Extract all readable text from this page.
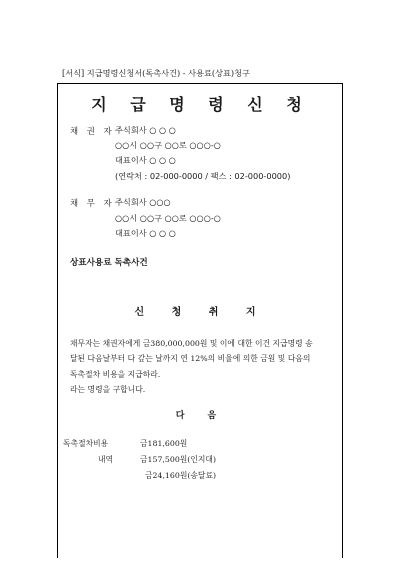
[서식] 지급명령신청서(독촉사건) - 사용료(상표)청구
지 급 명 령 신 청
채 권 자 주식회사 ○ ○ ○
○○시 ○○구 ○○로 ○○○-○
대표이사 ○ ○ ○
(연락처 : 02-000-0000 / 팩스 : 02-000-0000)
채 무 자 주식회사 ○○○
○○시 ○○구 ○○로 ○○○-○
대표이사 ○ ○ ○
상표사용료 독촉사건
신 청 취 지
채무자는 채권자에게 금380,000,000원 및 이에 대한 이건 지급명령 송
달된 다음날부터 다 갚는 날까지 연 12%의 비율에 의한 금원 및 다음의
독촉절차 비용을 지급하라.
라는 명령을 구합니다.
다 음
독촉절차비용	금181,600원
내역	금157,500원(인지대)
금24,160원(송달료)
